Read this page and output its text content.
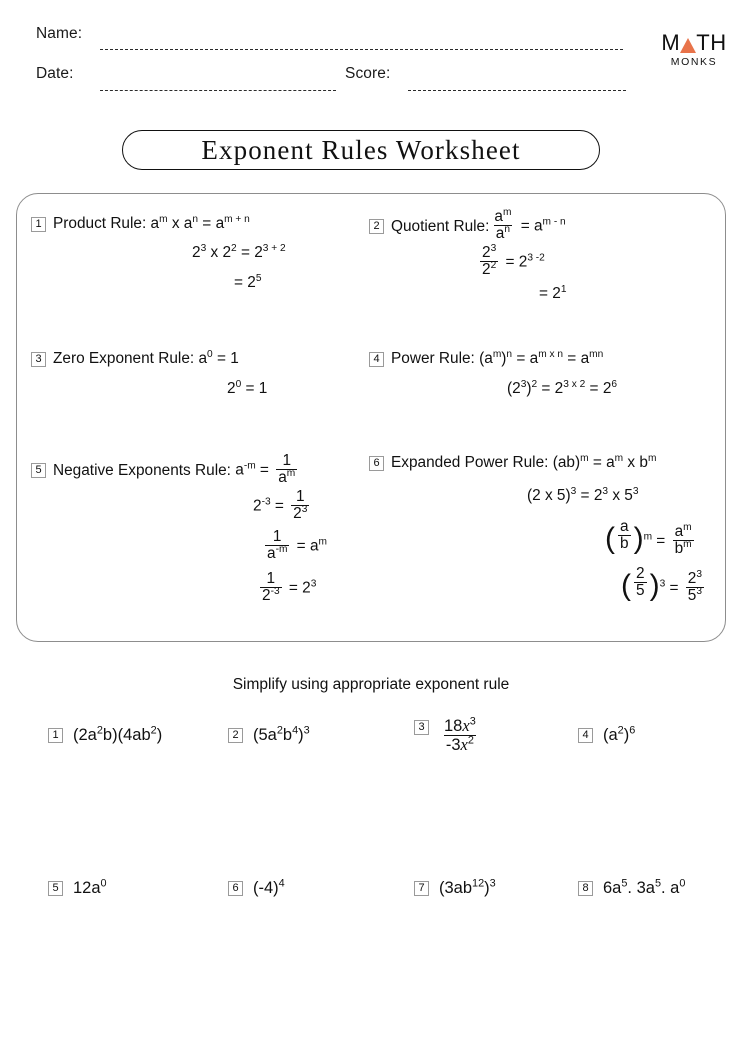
Name:
Date:	Score:
M TH
MONKS
Exponent Rules Worksheet
1 Product Rule: $a^m$ x $a^n = a^{m + n}$
$2^3$ x $2^2 = 2^{3 + 2}$
= $2^5$
2 Quotient Rule: $\frac{a^m}{a^n} = a^{m - n}$
$\frac{2^3}{2^2} = 2^{3 -2}$
= $2^1$
3 Zero Exponent Rule: $a^0 = 1$
$2^0 = 1$
4 Power Rule: $(a^m)^n = a^{m x n} = a^{mn}$
$(2^3)^2 = 2^{3 x 2} = 2^6$
5 Negative Exponents Rule: $a^{-m} = \frac{1}{a^m}$
$2^{-3} = \frac{1}{2^3}$
$\frac{1}{a^{-m}} = a^m$
$\frac{1}{2^{-3}} = 2^3$
6 Expanded Power Rule: $(ab)^m = a^m$ x $b^m$
(2 x $5)^3 = 2^3$ x $5^3$
( $\frac{a}{b}$ ) $^m = \frac{a^m}{b^m}$
( $\frac{2}{5}$ ) $^3 = \frac{2^3}{5^3}$
Simplify using appropriate exponent rule
1 $(2a^2b)(4ab^2)$	2 $(5a^2b^4)^3$	$3 \frac{18x^3}{-3x^2}$	4 $(a^2)^6$
5 $12a^0$	6 $(-4)^4$	7 $(3ab^{12})^3$	8 $6a^5$. $3a^5$. $a^0$
